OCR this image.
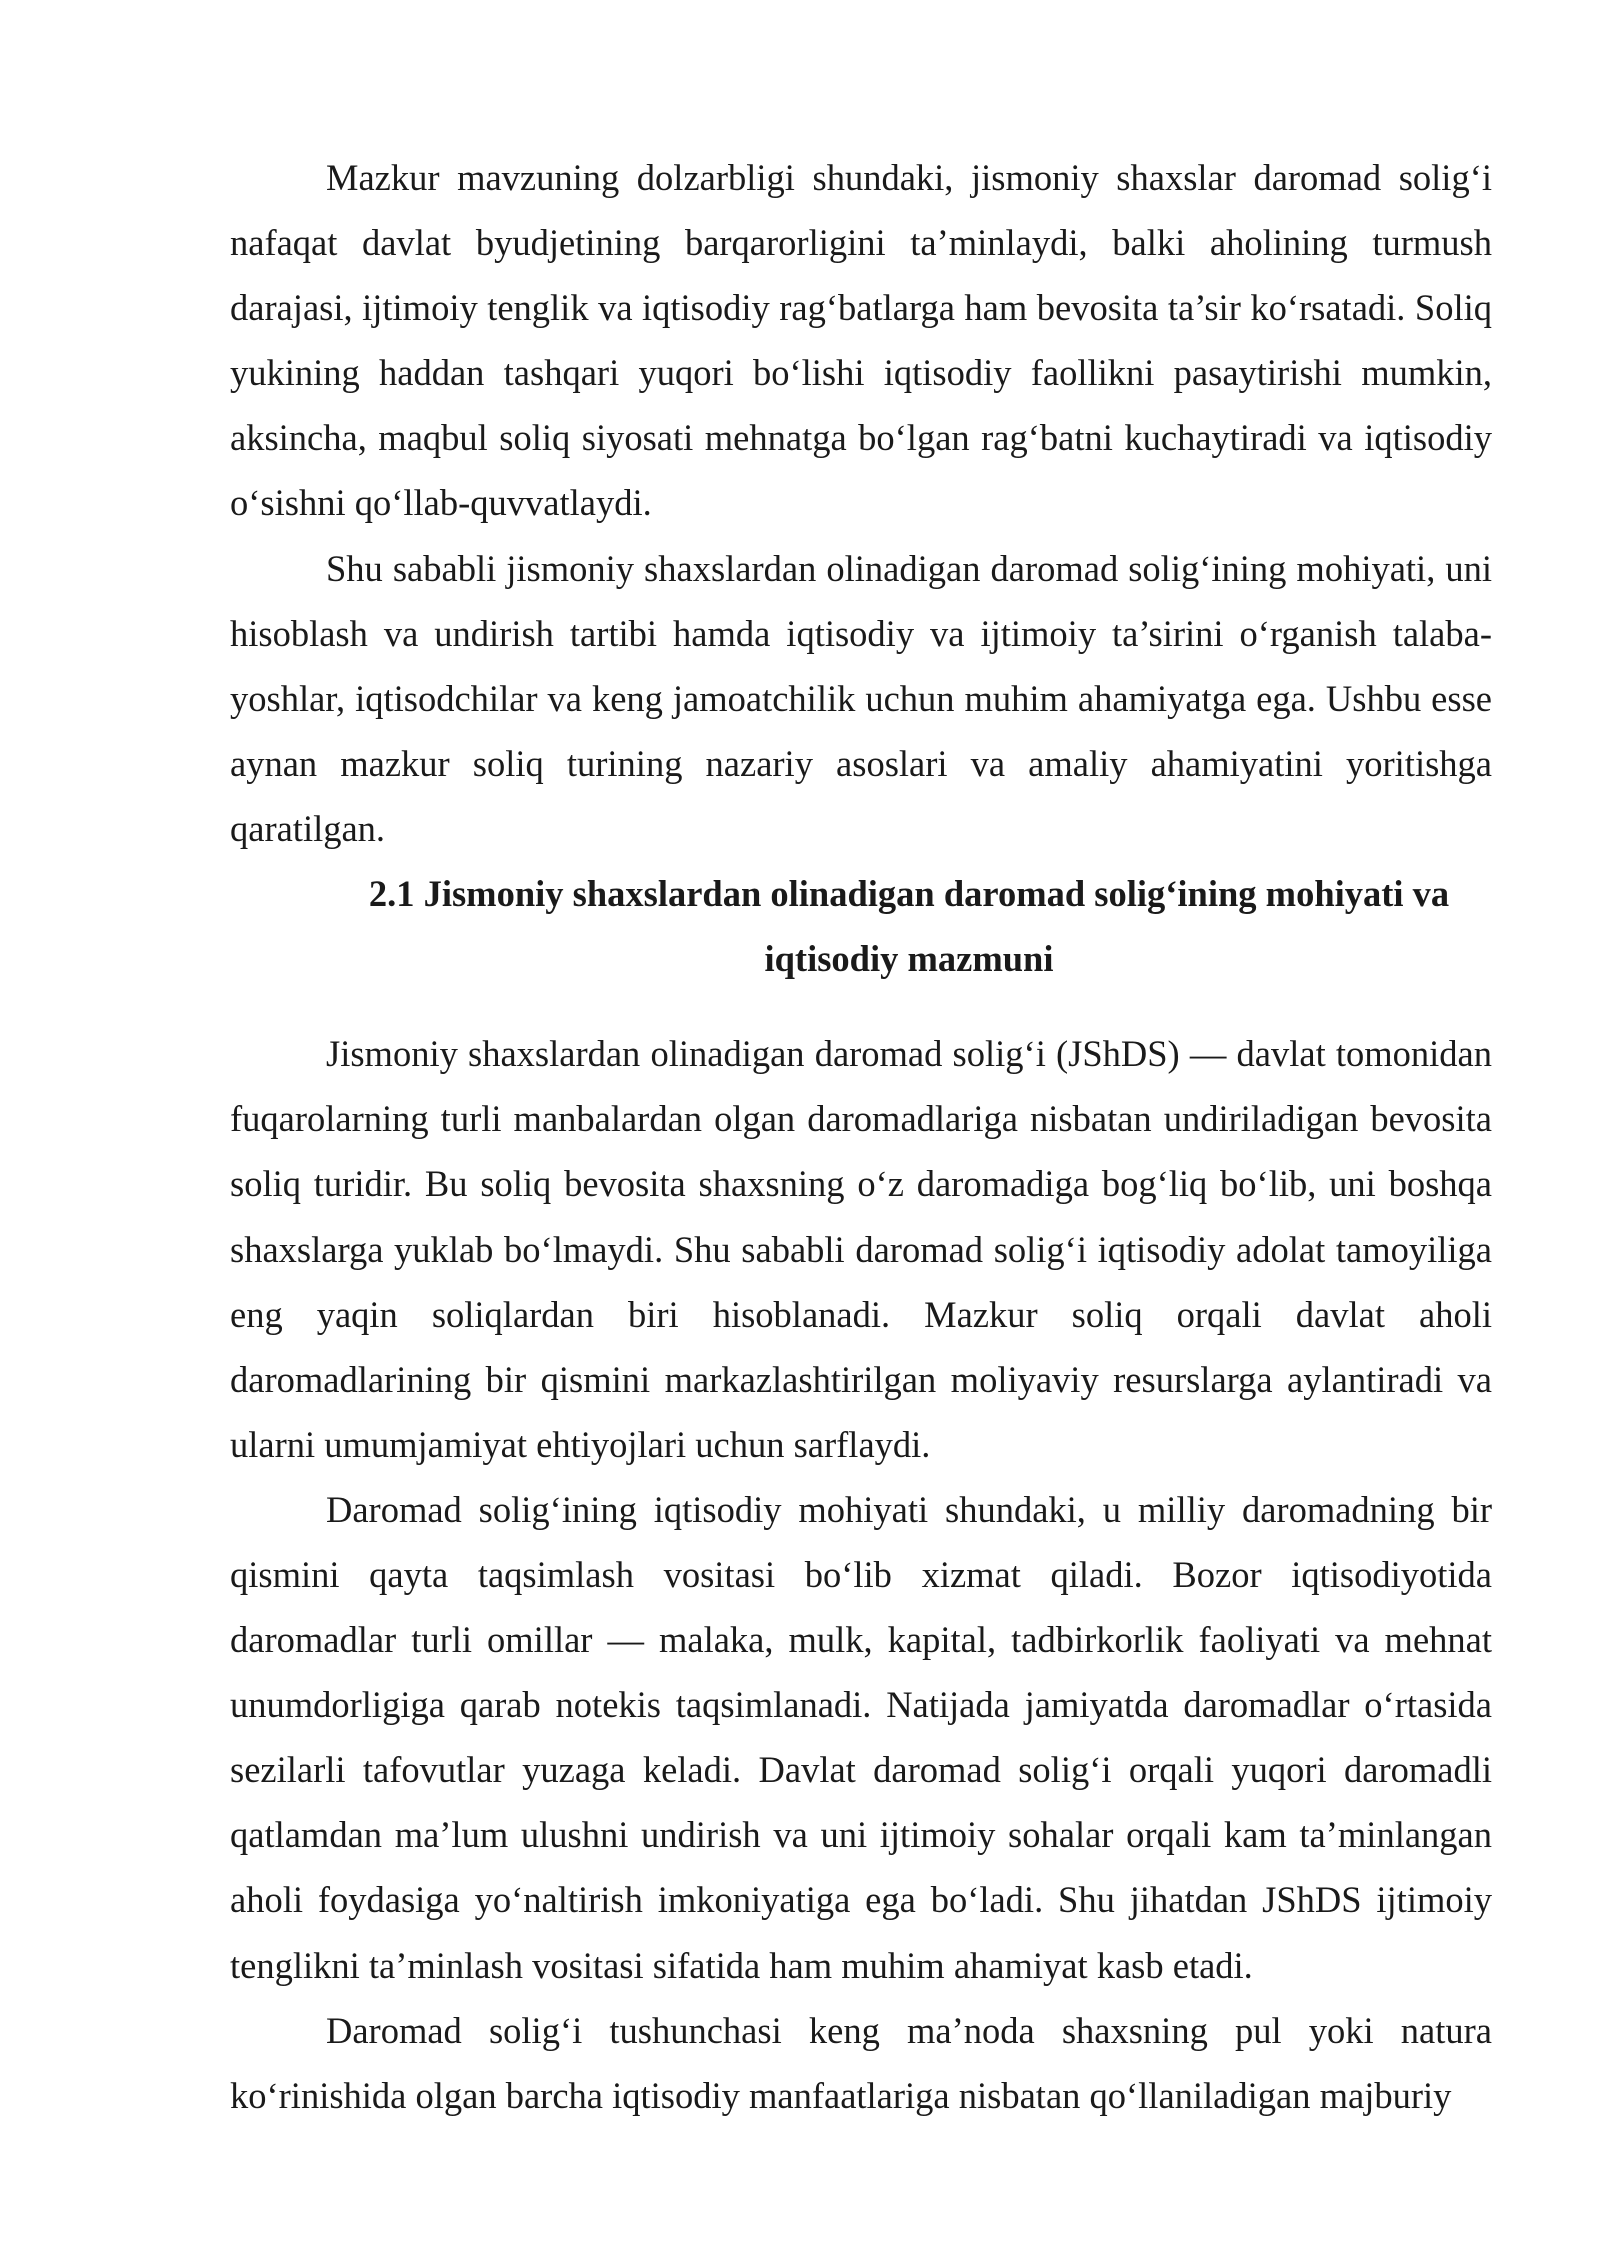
Mazkur mavzuning dolzarbligi shundaki, jismoniy shaxslar daromad solig‘i nafaqat davlat byudjetining barqarorligini ta’minlaydi, balki aholining turmush darajasi, ijtimoiy tenglik va iqtisodiy rag‘batlarga ham bevosita ta’sir ko‘rsatadi. Soliq yukining haddan tashqari yuqori bo‘lishi iqtisodiy faollikni pasaytirishi mumkin, aksincha, maqbul soliq siyosati mehnatga bo‘lgan rag‘batni kuchaytiradi va iqtisodiy o‘sishni qo‘llab-quvvatlaydi.

Shu sababli jismoniy shaxslardan olinadigan daromad solig‘ining mohiyati, uni hisoblash va undirish tartibi hamda iqtisodiy va ijtimoiy ta’sirini o‘rganish talaba-yoshlar, iqtisodchilar va keng jamoatchilik uchun muhim ahamiyatga ega. Ushbu esse aynan mazkur soliq turining nazariy asoslari va amaliy ahamiyatini yoritishga qaratilgan.

2.1 Jismoniy shaxslardan olinadigan daromad solig‘ining mohiyati va iqtisodiy mazmuni

Jismoniy shaxslardan olinadigan daromad solig‘i (JShDS) — davlat tomonidan fuqarolarning turli manbalardan olgan daromadlariga nisbatan undiriladigan bevosita soliq turidir. Bu soliq bevosita shaxsning o‘z daromadiga bog‘liq bo‘lib, uni boshqa shaxslarga yuklab bo‘lmaydi. Shu sababli daromad solig‘i iqtisodiy adolat tamoyiliga eng yaqin soliqlardan biri hisoblanadi. Mazkur soliq orqali davlat aholi daromadlarining bir qismini markazlashtirilgan moliyaviy resurslarga aylantiradi va ularni umumjamiyat ehtiyojlari uchun sarflaydi.

Daromad solig‘ining iqtisodiy mohiyati shundaki, u milliy daromadning bir qismini qayta taqsimlash vositasi bo‘lib xizmat qiladi. Bozor iqtisodiyotida daromadlar turli omillar — malaka, mulk, kapital, tadbirkorlik faoliyati va mehnat unumdorligiga qarab notekis taqsimlanadi. Natijada jamiyatda daromadlar o‘rtasida sezilarli tafovutlar yuzaga keladi. Davlat daromad solig‘i orqali yuqori daromadli qatlamdan ma’lum ulushni undirish va uni ijtimoiy sohalar orqali kam ta’minlangan aholi foydasiga yo‘naltirish imkoniyatiga ega bo‘ladi. Shu jihatdan JShDS ijtimoiy tenglikni ta’minlash vositasi sifatida ham muhim ahamiyat kasb etadi.

Daromad solig‘i tushunchasi keng ma’noda shaxsning pul yoki natura ko‘rinishida olgan barcha iqtisodiy manfaatlariga nisbatan qo‘llaniladigan majburiy
